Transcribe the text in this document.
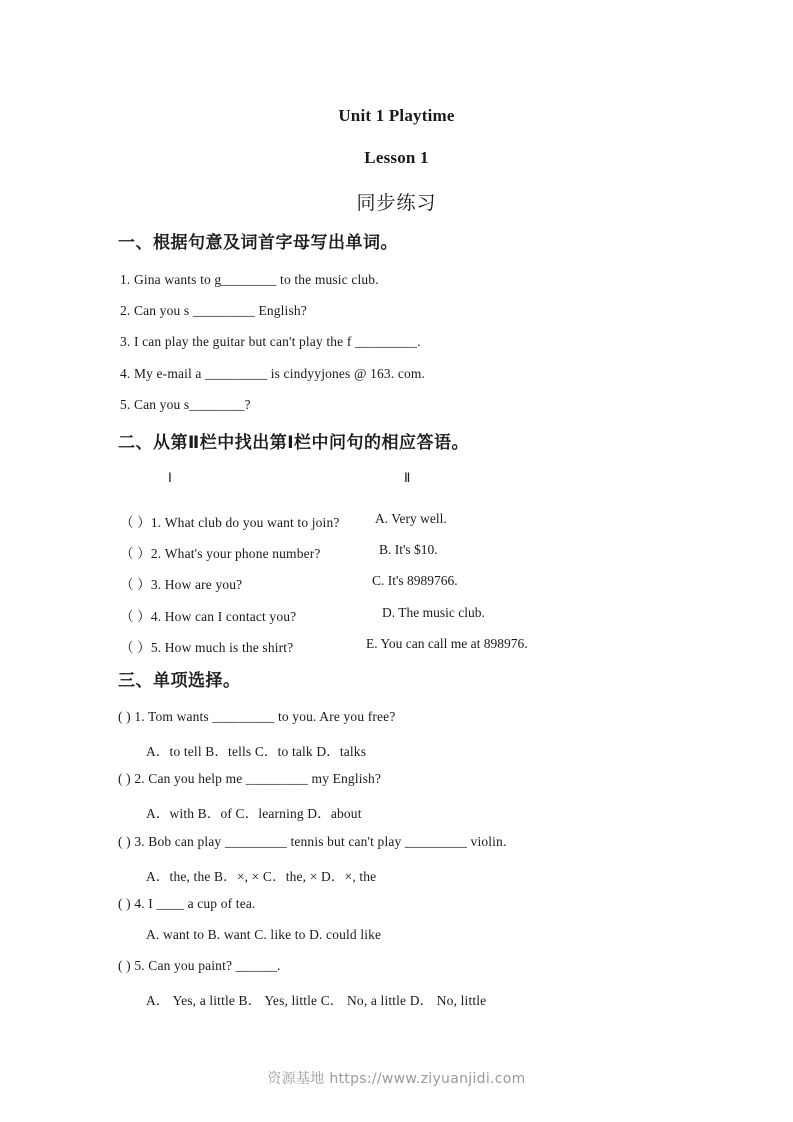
Unit 1 Playtime
Lesson 1
同步练习
一、根据句意及词首字母写出单词。
1. Gina wants to g________ to the music club.
2. Can you s _________ English?
3. I can play the guitar but can't play the f _________.
4. My e-mail a _________ is cindyyjones @ 163. com.
5. Can you s________?
二、从第Ⅱ栏中找出第Ⅰ栏中问句的相应答语。
Ⅰ	Ⅱ
（ ）1. What club do you want to join?
（ ）2. What's your phone number?
（ ）3. How are you?
（ ）4. How can I contact you?
（ ）5. How much is the shirt?
A. Very well.
B. It's $10.
C. It's 8989766.
D. The music club.
E. You can call me at 898976.
三、单项选择。
( ) 1. Tom wants _________ to you. Are you free?
A．to tell B．tells C．to talk D．talks
( ) 2. Can you help me _________ my English?
A．with B．of C．learning D．about
( ) 3. Bob can play _________ tennis but can't play _________ violin.
A．the, the B．×, × C．the, × D．×, the
( ) 4. I ____ a cup of tea.
A. want to B. want C. like to D. could like
( ) 5. Can you paint? ______.
A． Yes, a little B． Yes, little C． No, a little D． No, little
资源基地 https://www.ziyuanjidi.com
